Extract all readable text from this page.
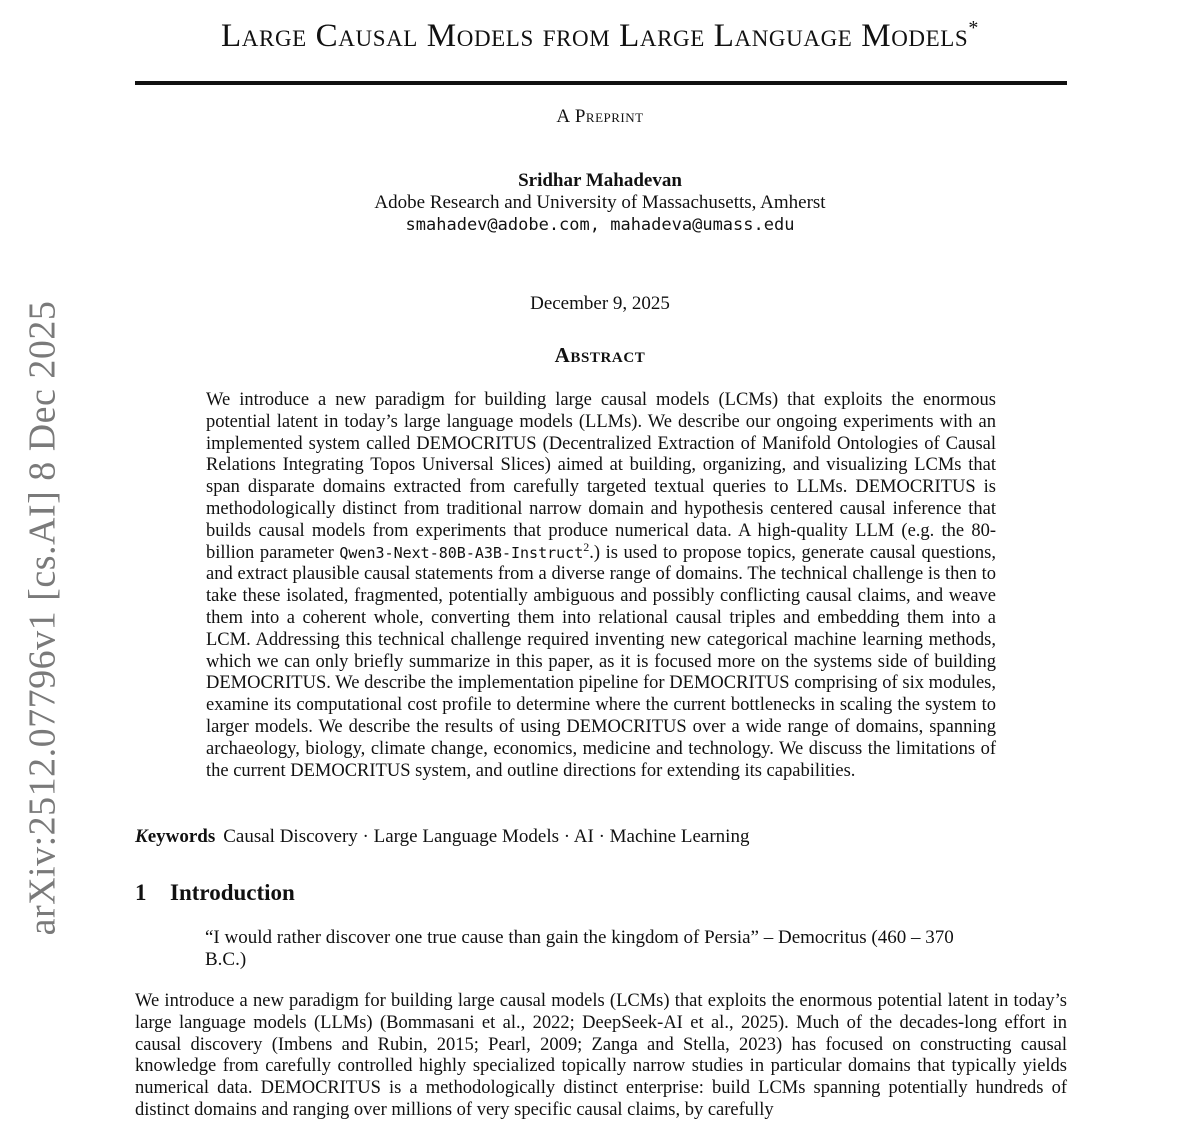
arXiv:2512.07796v1 [cs.AI] 8 Dec 2025
Large Causal Models from Large Language Models*

A Preprint

Sridhar Mahadevan

Adobe Research and University of Massachusetts, Amherst

smahadev@adobe.com, mahadeva@umass.edu

December 9, 2025

Abstract

We introduce a new paradigm for building large causal models (LCMs) that exploits the enormous potential latent in today’s large language models (LLMs). We describe our ongoing experiments with an implemented system called DEMOCRITUS (Decentralized Extraction of Manifold Ontologies of Causal Relations Integrating Topos Universal Slices) aimed at building, organizing, and visualizing LCMs that span disparate domains extracted from carefully targeted textual queries to LLMs. DEMOCRITUS is methodologically distinct from traditional narrow domain and hypothesis centered causal inference that builds causal models from experiments that produce numerical data. A high-quality LLM (e.g. the 80-billion parameter Qwen3-Next-80B-A3B-Instruct$^2$.) is used to propose topics, generate causal questions, and extract plausible causal statements from a diverse range of domains. The technical challenge is then to take these isolated, fragmented, potentially ambiguous and possibly conflicting causal claims, and weave them into a coherent whole, converting them into relational causal triples and embedding them into a LCM. Addressing this technical challenge required inventing new categorical machine learning methods, which we can only briefly summarize in this paper, as it is focused more on the systems side of building DEMOCRITUS. We describe the implementation pipeline for DEMOCRITUS comprising of six modules, examine its computational cost profile to determine where the current bottlenecks in scaling the system to larger models. We describe the results of using DEMOCRITUS over a wide range of domains, spanning archaeology, biology, climate change, economics, medicine and technology. We discuss the limitations of the current DEMOCRITUS system, and outline directions for extending its capabilities.

Keywords Causal Discovery · Large Language Models · AI · Machine Learning

1 Introduction

“I would rather discover one true cause than gain the kingdom of Persia” – Democritus (460 – 370 B.C.)

We introduce a new paradigm for building large causal models (LCMs) that exploits the enormous potential latent in today’s large language models (LLMs) (Bommasani et al., 2022; DeepSeek-AI et al., 2025). Much of the decades-long effort in causal discovery (Imbens and Rubin, 2015; Pearl, 2009; Zanga and Stella, 2023) has focused on constructing causal knowledge from carefully controlled highly specialized topically narrow studies in particular domains that typically yields numerical data. DEMOCRITUS is a methodologically distinct enterprise: build LCMs spanning potentially hundreds of distinct domains and ranging over millions of very specific causal claims, by carefully
